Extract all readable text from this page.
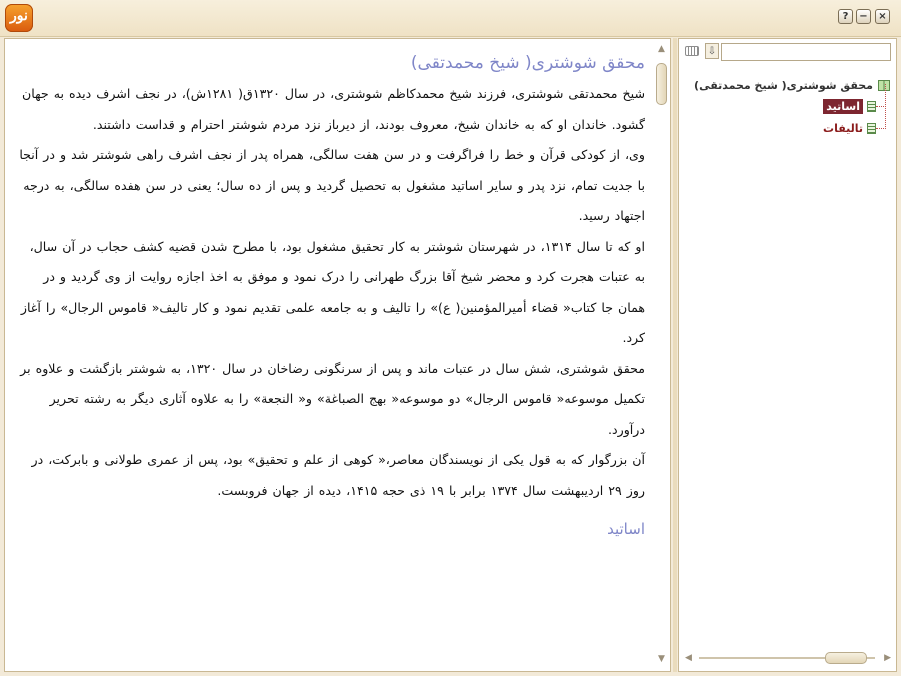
نور	?	−	×
محقق شوشتری( شیخ محمدتقی)

شیخ محمدتقی شوشتری، فرزند شیخ محمدکاظم شوشتری، در سال ۱۳۲۰ق( ۱۲۸۱ش)، در نجف اشرف دیده به جهان گشود. خاندان او که به خاندان شیخ، معروف بودند، از دیرباز نزد مردم شوشتر احترام و قداست داشتند.

وی، از کودکی قرآن و خط را فراگرفت و در سن هفت سالگی، همراه پدر از نجف اشرف راهی شوشتر شد و در آنجا با جدیت تمام، نزد پدر و سایر اساتید مشغول به تحصیل گردید و پس از ده سال؛ یعنی در سن هفده سالگی، به درجه اجتهاد رسید.

او که تا سال ۱۳۱۴، در شهرستان شوشتر به کار تحقیق مشغول بود، با مطرح شدن قضیه کشف حجاب در آن سال، به عتبات هجرت کرد و محضر شیخ آقا بزرگ طهرانی را درک نمود و موفق به اخذ اجازه روایت از وی گردید و در همان جا کتاب« قضاء أمیرالمؤمنین( ع)» را تالیف و به جامعه علمی تقدیم نمود و کار تالیف« قاموس الرجال» را آغاز کرد.

محقق شوشتری، شش سال در عتبات ماند و پس از سرنگونی رضاخان در سال ۱۳۲۰، به شوشتر بازگشت و علاوه بر تکمیل موسوعه« قاموس الرجال» دو موسوعه« بهج الصباغة» و« النجعة» را به علاوه آثاری دیگر به رشته تحریر درآورد.

آن بزرگوار که به قول یکی از نویسندگان معاصر،« کوهی از علم و تحقیق» بود، پس از عمری طولانی و بابرکت، در روز ۲۹ اردیبهشت سال ۱۳۷۴ برابر با ۱۹ ذی حجه ۱۴۱۵، دیده از جهان فروبست.

اساتید
▲
▼
⇩
محقق شوشتری( شیخ محمدتقی)
اساتید
تالیفات
◀	▶
